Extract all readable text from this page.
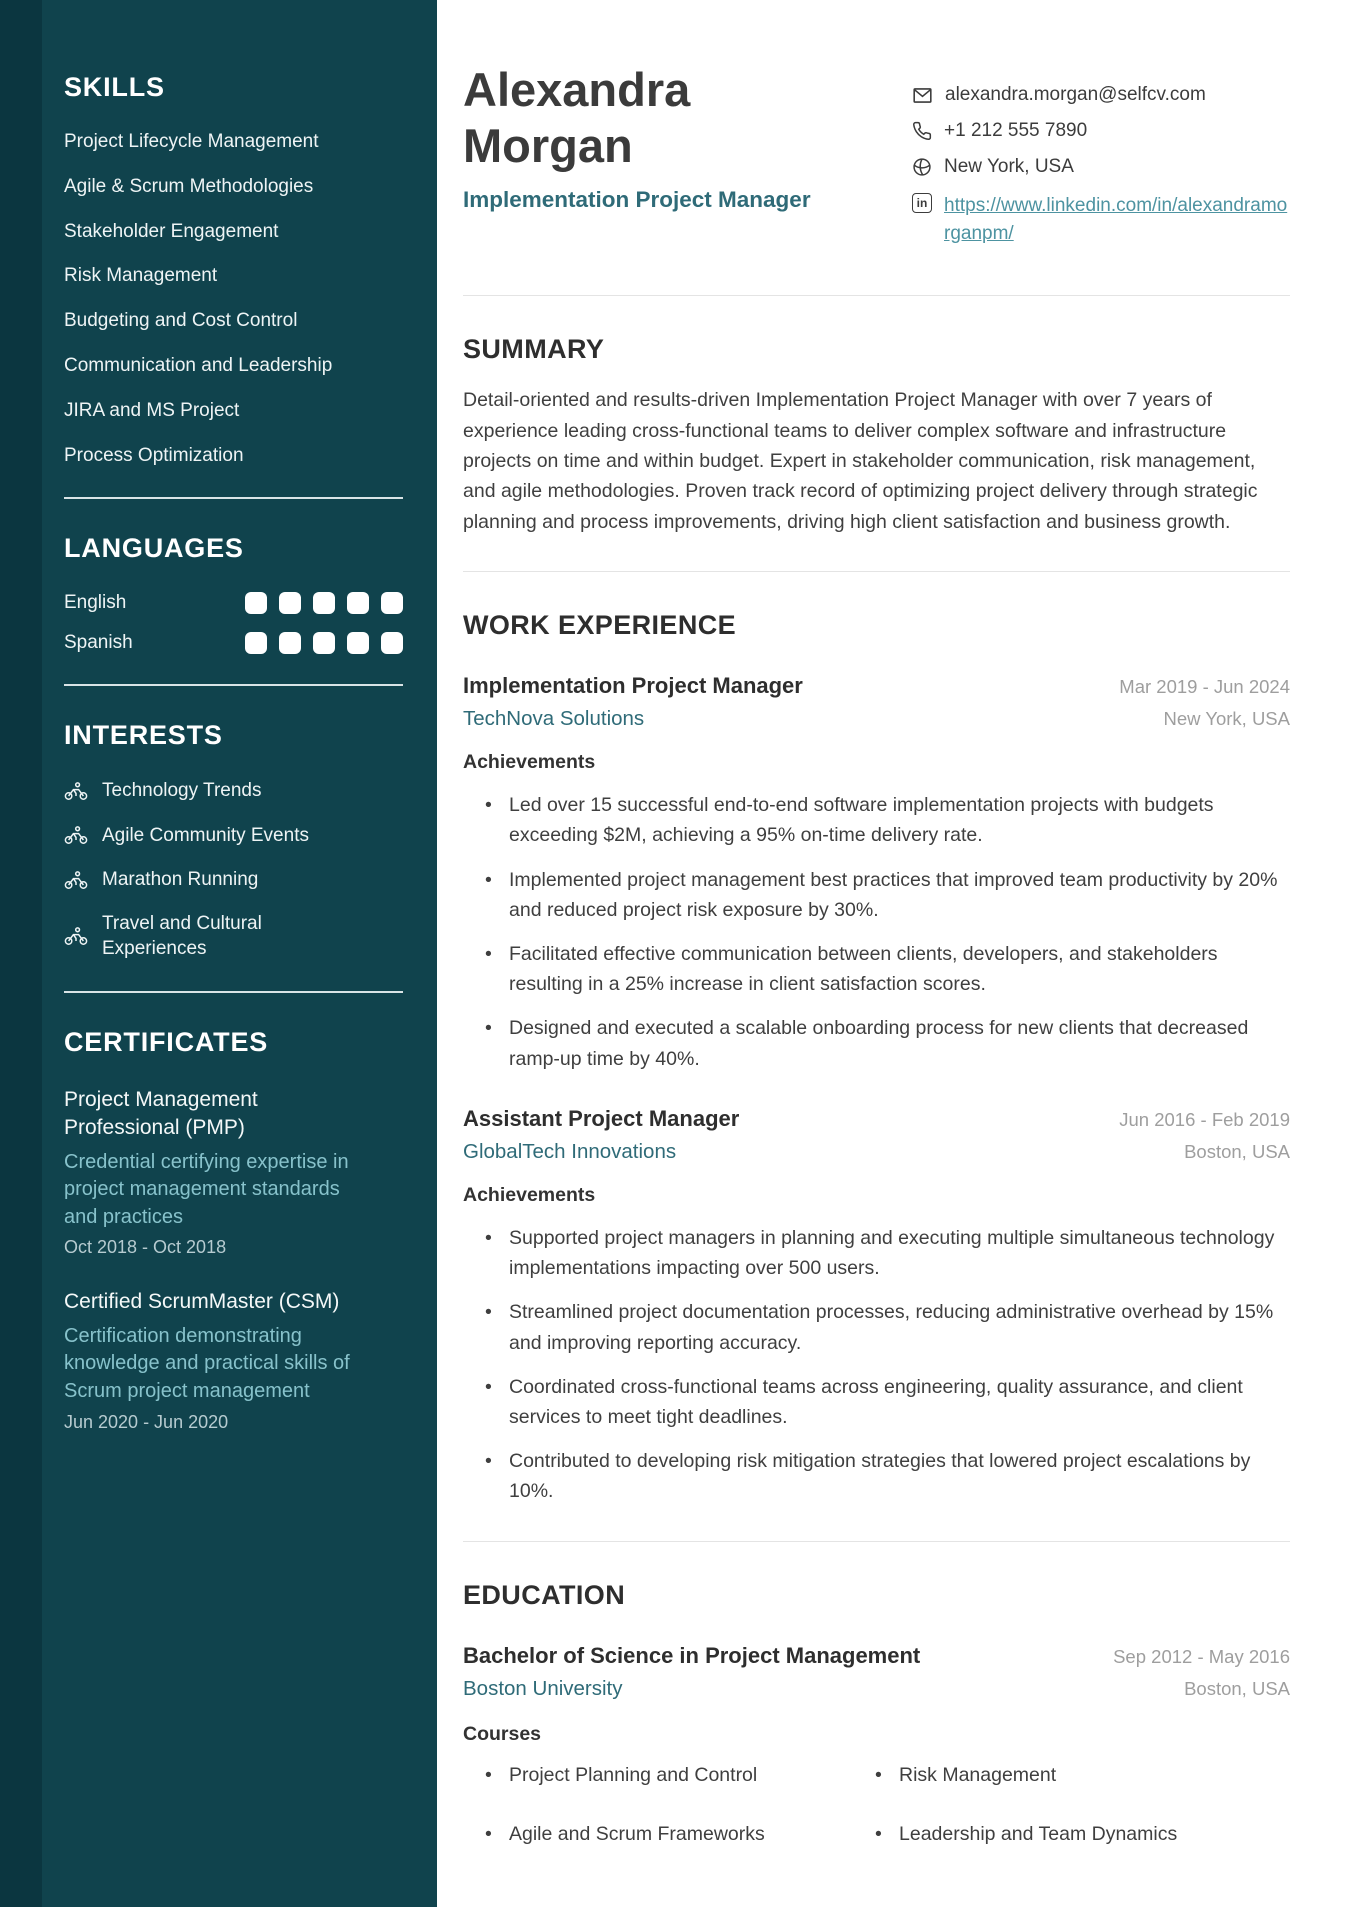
SKILLS
Project Lifecycle Management
Agile & Scrum Methodologies
Stakeholder Engagement
Risk Management
Budgeting and Cost Control
Communication and Leadership
JIRA and MS Project
Process Optimization
LANGUAGES
English
Spanish
INTERESTS
Technology Trends
Agile Community Events
Marathon Running
Travel and Cultural Experiences
CERTIFICATES
Project Management Professional (PMP)
Credential certifying expertise in project management standards and practices
Oct 2018 - Oct 2018
Certified ScrumMaster (CSM)
Certification demonstrating knowledge and practical skills of Scrum project management
Jun 2020 - Jun 2020
Alexandra Morgan
Implementation Project Manager
alexandra.morgan@selfcv.com
+1 212 555 7890
New York, USA
in https://www.linkedin.com/in/alexandramorganpm/
SUMMARY

Detail-oriented and results-driven Implementation Project Manager with over 7 years of experience leading cross-functional teams to deliver complex software and infrastructure projects on time and within budget. Expert in stakeholder communication, risk management, and agile methodologies. Proven track record of optimizing project delivery through strategic planning and process improvements, driving high client satisfaction and business growth.

WORK EXPERIENCE
Implementation Project Manager	Mar 2019 - Jun 2024
TechNova Solutions	New York, USA
Achievements
• Led over 15 successful end-to-end software implementation projects with budgets exceeding $2M, achieving a 95% on-time delivery rate.
• Implemented project management best practices that improved team productivity by 20% and reduced project risk exposure by 30%.
• Facilitated effective communication between clients, developers, and stakeholders resulting in a 25% increase in client satisfaction scores.
• Designed and executed a scalable onboarding process for new clients that decreased ramp-up time by 40%.
Assistant Project Manager	Jun 2016 - Feb 2019
GlobalTech Innovations	Boston, USA
Achievements
• Supported project managers in planning and executing multiple simultaneous technology implementations impacting over 500 users.
• Streamlined project documentation processes, reducing administrative overhead by 15% and improving reporting accuracy.
• Coordinated cross-functional teams across engineering, quality assurance, and client services to meet tight deadlines.
• Contributed to developing risk mitigation strategies that lowered project escalations by 10%.
EDUCATION
Bachelor of Science in Project Management	Sep 2012 - May 2016
Boston University	Boston, USA
Courses
• Project Planning and Control	• Risk Management
• Agile and Scrum Frameworks	• Leadership and Team Dynamics
